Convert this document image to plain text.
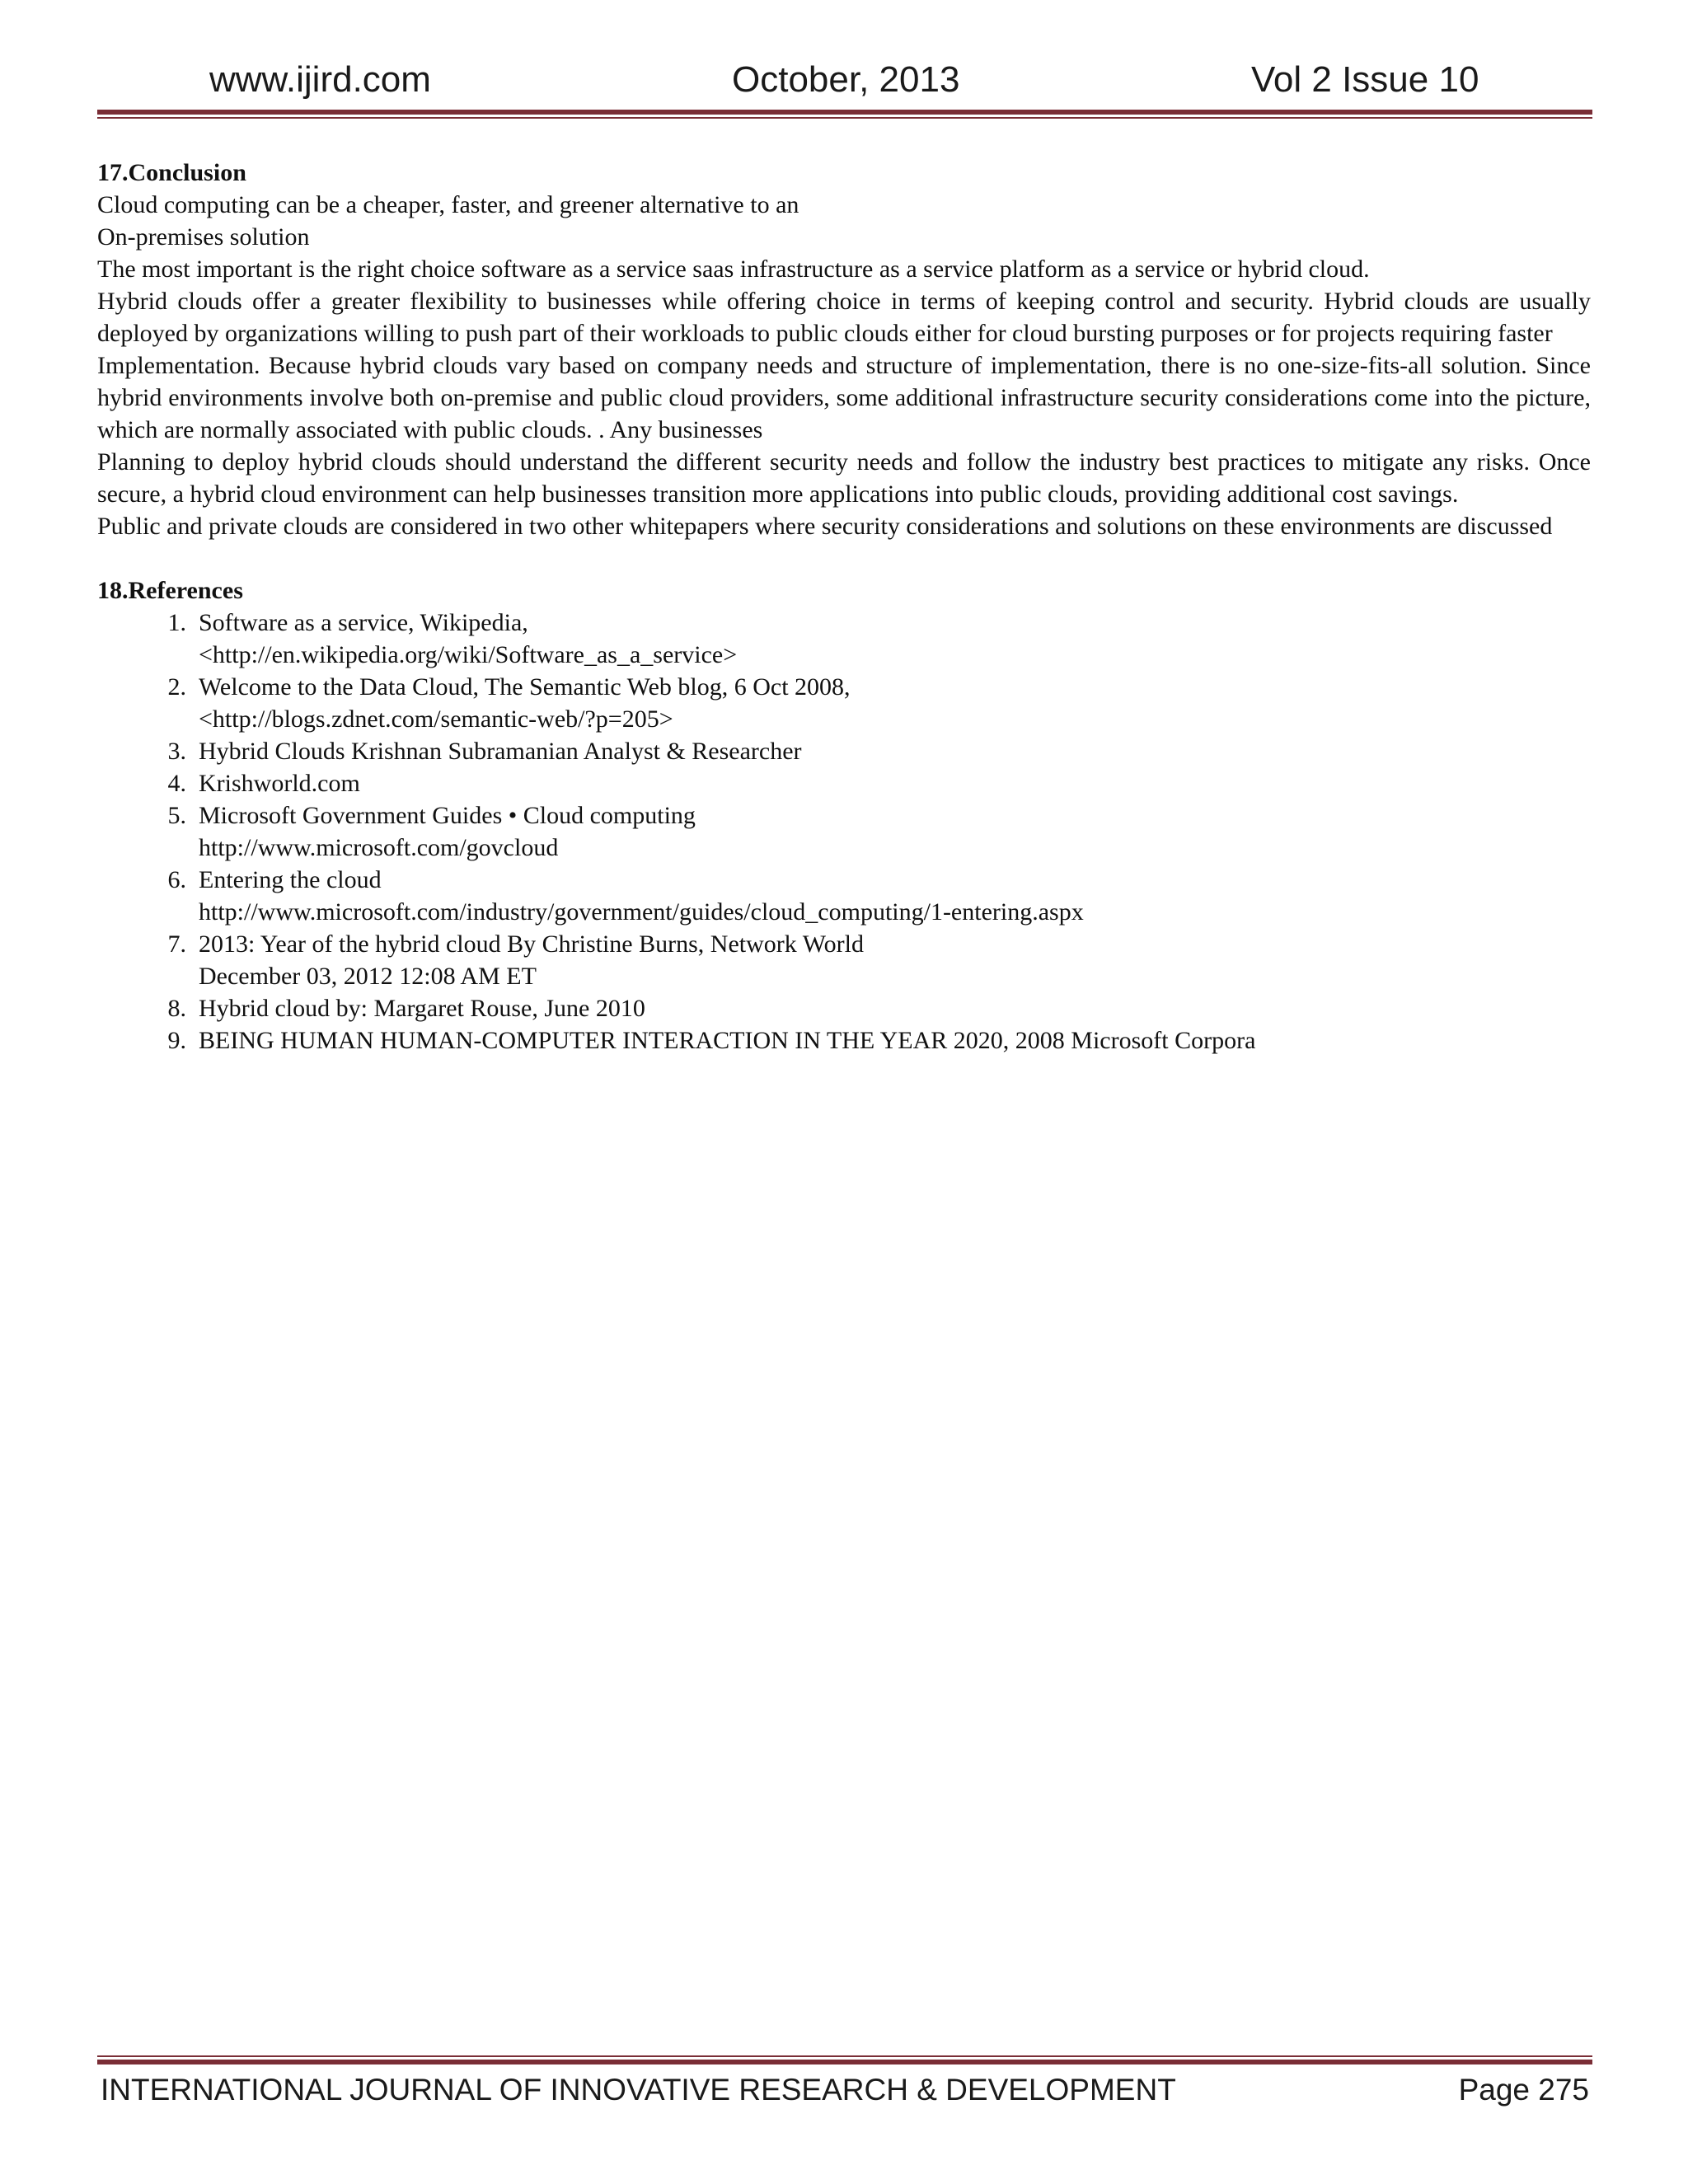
www.ijird.com	October, 2013	Vol 2 Issue 10

17.Conclusion

Cloud computing can be a cheaper, faster, and greener alternative to an

On-premises solution

The most important is the right choice software as a service saas infrastructure as a service platform as a service or hybrid cloud.

Hybrid clouds offer a greater flexibility to businesses while offering choice in terms of keeping control and security. Hybrid clouds are usually deployed by organizations willing to push part of their workloads to public clouds either for cloud bursting purposes or for projects requiring faster

Implementation. Because hybrid clouds vary based on company needs and structure of implementation, there is no one-size-fits-all solution. Since hybrid environments involve both on-premise and public cloud providers, some additional infrastructure security considerations come into the picture, which are normally associated with public clouds. . Any businesses

Planning to deploy hybrid clouds should understand the different security needs and follow the industry best practices to mitigate any risks. Once secure, a hybrid cloud environment can help businesses transition more applications into public clouds, providing additional cost savings.

Public and private clouds are considered in two other whitepapers where security considerations and solutions on these environments are discussed

18.References

1. Software as a service, Wikipedia,
<http://en.wikipedia.org/wiki/Software_as_a_service>
2. Welcome to the Data Cloud, The Semantic Web blog, 6 Oct 2008,
<http://blogs.zdnet.com/semantic-web/?p=205>
3. Hybrid Clouds Krishnan Subramanian Analyst & Researcher
4. Krishworld.com
5. Microsoft Government Guides • Cloud computing
http://www.microsoft.com/govcloud
6. Entering the cloud
http://www.microsoft.com/industry/government/guides/cloud_computing/1-entering.aspx
7. 2013: Year of the hybrid cloud By Christine Burns, Network World
December 03, 2012 12:08 AM ET
8. Hybrid cloud by: Margaret Rouse, June 2010
9. BEING HUMAN HUMAN-COMPUTER INTERACTION IN THE YEAR 2020, 2008 Microsoft Corpora
INTERNATIONAL JOURNAL OF INNOVATIVE RESEARCH & DEVELOPMENT	Page 275
